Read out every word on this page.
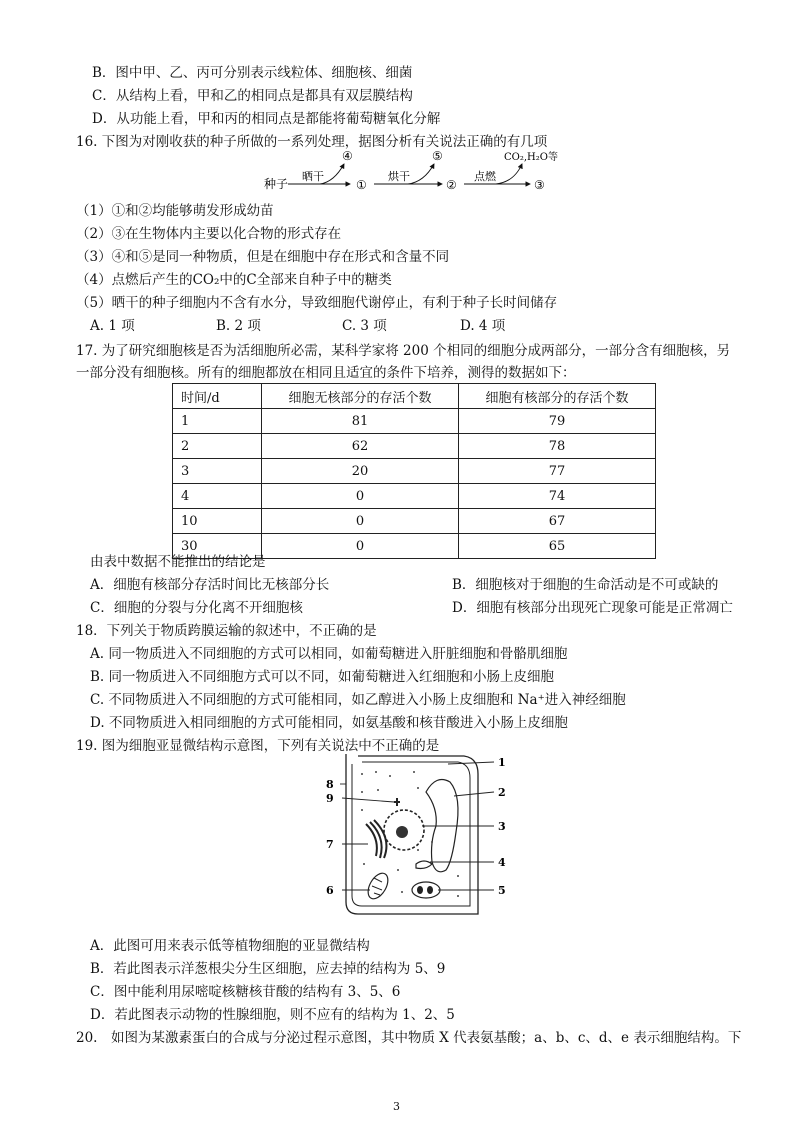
B．图中甲、乙、丙可分别表示线粒体、细胞核、细菌
C．从结构上看，甲和乙的相同点是都具有双层膜结构
D．从功能上看，甲和丙的相同点是都能将葡萄糖氧化分解
16. 下图为对刚收获的种子所做的一系列处理，据图分析有关说法正确的有几项
种子
晒干
④
①
烘干
⑤
②
点燃
CO₂,H₂O等
③
（1）①和②均能够萌发形成幼苗
（2）③在生物体内主要以化合物的形式存在
（3）④和⑤是同一种物质，但是在细胞中存在形式和含量不同
（4）点燃后产生的CO₂中的C全部来自种子中的糖类
（5）晒干的种子细胞内不含有水分，导致细胞代谢停止，有利于种子长时间储存
A. 1 项	B. 2 项	C. 3 项	D. 4 项
17. 为了研究细胞核是否为活细胞所必需，某科学家将 200 个相同的细胞分成两部分，一部分含有细胞核，另
一部分没有细胞核。所有的细胞都放在相同且适宜的条件下培养，测得的数据如下：
时间/d	细胞无核部分的存活个数	细胞有核部分的存活个数
1	81	79
2	62	78
3	20	77
4	0	74
10	0	67
30	0	65
由表中数据不能推出的结论是
A．细胞有核部分存活时间比无核部分长	B．细胞核对于细胞的生命活动是不可或缺的
C．细胞的分裂与分化离不开细胞核	D．细胞有核部分出现死亡现象可能是正常凋亡
18．下列关于物质跨膜运输的叙述中，不正确的是
A. 同一物质进入不同细胞的方式可以相同，如葡萄糖进入肝脏细胞和骨骼肌细胞
B. 同一物质进入不同细胞方式可以不同，如葡萄糖进入红细胞和小肠上皮细胞
C. 不同物质进入不同细胞的方式可能相同，如乙醇进入小肠上皮细胞和 Na⁺进入神经细胞
D. 不同物质进入相同细胞的方式可能相同，如氨基酸和核苷酸进入小肠上皮细胞
19. 图为细胞亚显微结构示意图，下列有关说法中不正确的是
1
2
3
4
5
6
7
8
9
A．此图可用来表示低等植物细胞的亚显微结构
B．若此图表示洋葱根尖分生区细胞，应去掉的结构为 5、9
C．图中能利用尿嘧啶核糖核苷酸的结构有 3、5、6
D．若此图表示动物的性腺细胞，则不应有的结构为 1、2、5
20.　如图为某激素蛋白的合成与分泌过程示意图，其中物质 X 代表氨基酸；a、b、c、d、e 表示细胞结构。下
3
